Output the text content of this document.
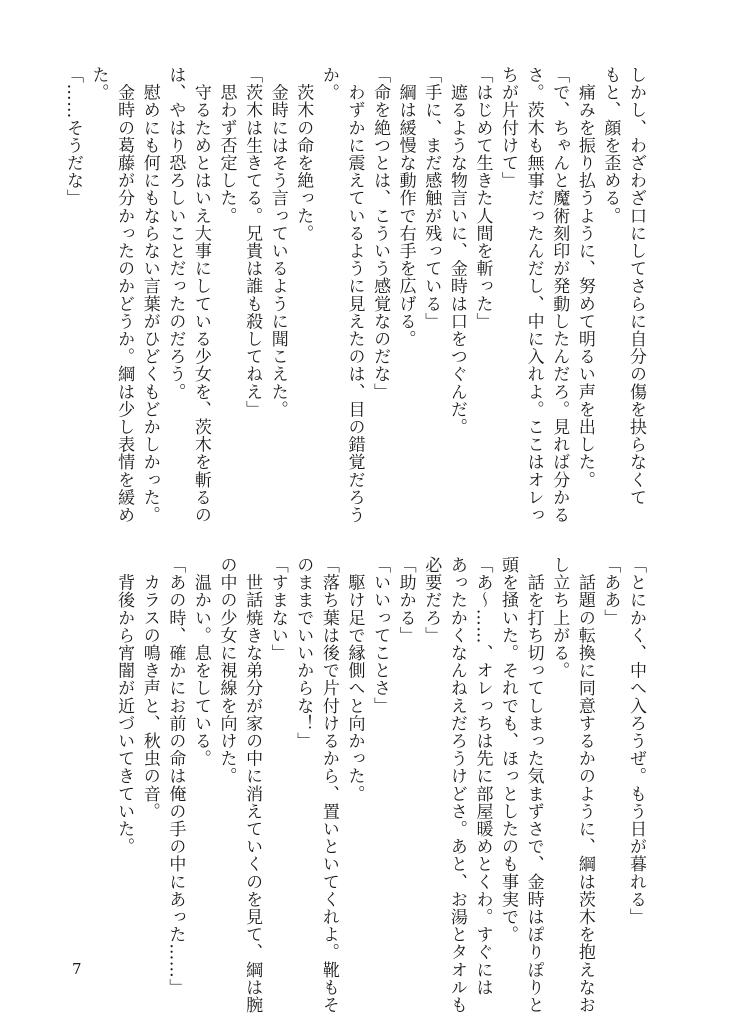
しかし、わざわざ口にしてさらに自分の傷を抉らなくて
もと、顔を歪める。
　痛みを振り払うように、努めて明るい声を出した。
「で、ちゃんと魔術刻印が発動したんだろ。見れば分かる
さ。茨木も無事だったんだし、中に入れよ。ここはオレっ
ちが片付けて」
「はじめて生きた人間を斬った」
　遮るような物言いに、金時は口をつぐんだ。
「手に、まだ感触が残っている」
　綱は緩慢な動作で右手を広げる。
「命を絶つとは、こういう感覚なのだな」
　わずかに震えているように見えたのは、目の錯覚だろう
か。
　茨木の命を絶った。
　金時にはそう言っているように聞こえた。
「茨木は生きてる。兄貴は誰も殺してねえ」
　思わず否定した。
　守るためとはいえ大事にしている少女を、茨木を斬るの
は、やはり恐ろしいことだったのだろう。
　慰めにも何にもならない言葉がひどくもどかしかった。
　金時の葛藤が分かったのかどうか。綱は少し表情を緩め
た。
「……そうだな」
「とにかく、中へ入ろうぜ。もう日が暮れる」
「ああ」
　話題の転換に同意するかのように、綱は茨木を抱えなお
し立ち上がる。
　話を打ち切ってしまった気まずさで、金時はぽりぽりと
頭を掻いた。それでも、ほっとしたのも事実で。
「あ～……、オレっちは先に部屋暖めとくわ。すぐには
あったかくなんねえだろうけどさ。あと、お湯とタオルも
必要だろ」
「助かる」
「いいってことさ」
　駆け足で縁側へと向かった。
「落ち葉は後で片付けるから、置いといてくれよ。靴もそ
のままでいいからな！」
「すまない」
　世話焼きな弟分が家の中に消えていくのを見て、綱は腕
の中の少女に視線を向けた。
　温かい。息をしている。
「あの時、確かにお前の命は俺の手の中にあった……」
　カラスの鳴き声と、秋虫の音。
　背後から宵闇が近づいてきていた。
7
